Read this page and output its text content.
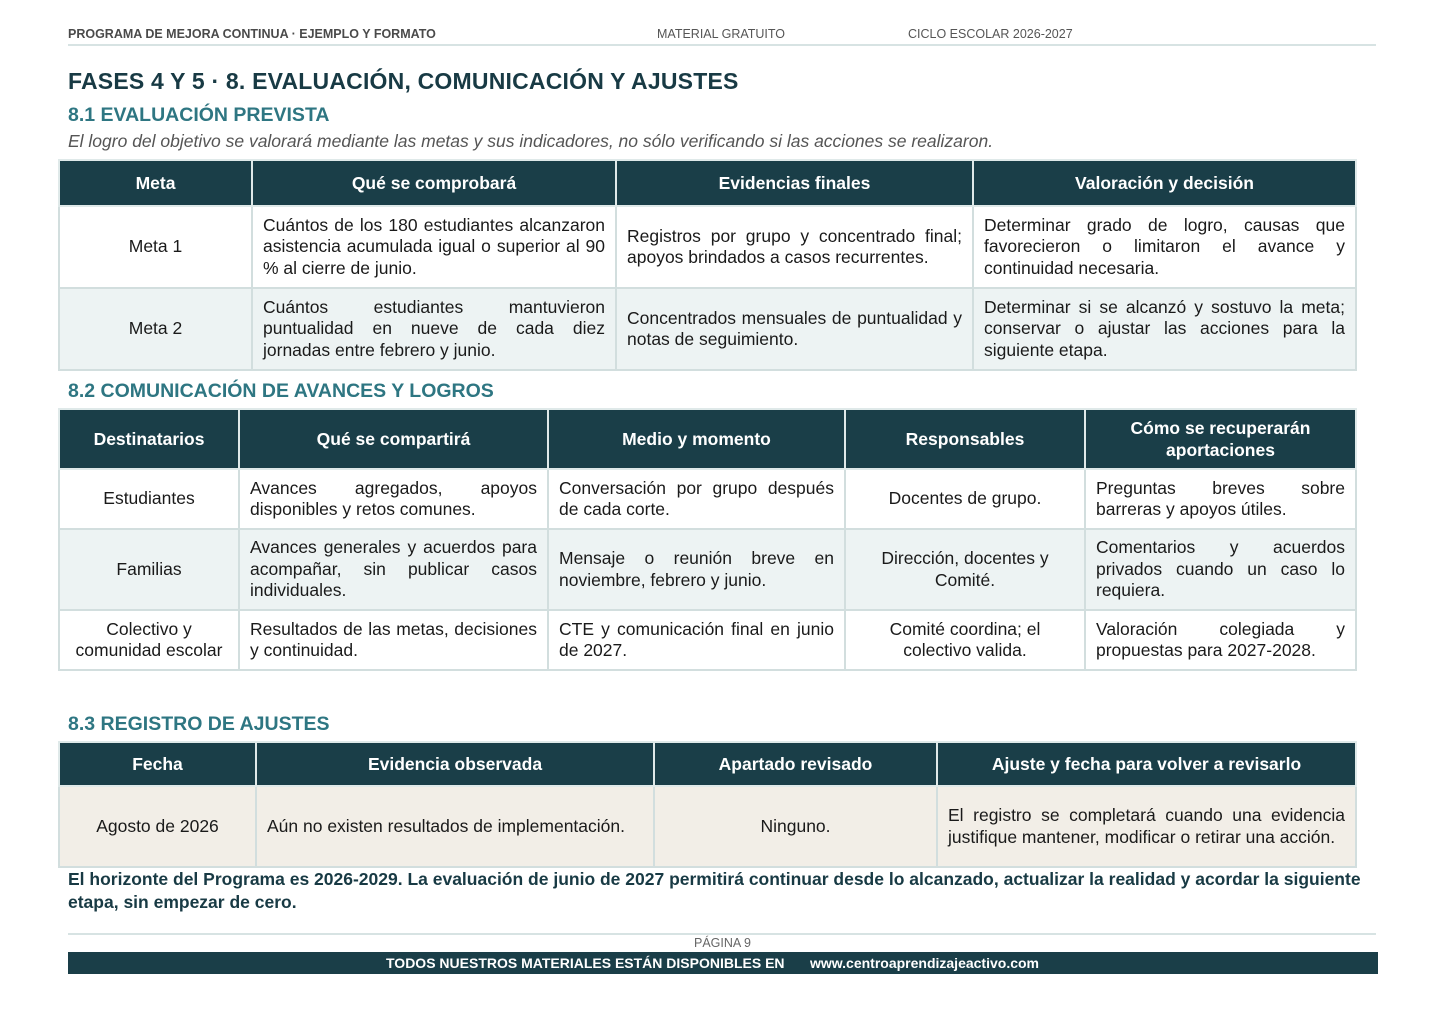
PROGRAMA DE MEJORA CONTINUA · EJEMPLO Y FORMATO	MATERIAL GRATUITO	CICLO ESCOLAR 2026-2027
FASES 4 Y 5 · 8. EVALUACIÓN, COMUNICACIÓN Y AJUSTES
8.1 EVALUACIÓN PREVISTA

El logro del objetivo se valorará mediante las metas y sus indicadores, no sólo verificando si las acciones se realizaron.

Meta	Qué se comprobará	Evidencias finales	Valoración y decisión
Meta 1	Cuántos de los 180 estudiantes alcanzaron asistencia acumulada igual o superior al 90 % al cierre de junio.	Registros por grupo y concentrado final; apoyos brindados a casos recurrentes.	Determinar grado de logro, causas que favorecieron o limitaron el avance y continuidad necesaria.
Meta 2	Cuántos estudiantes mantuvieron puntualidad en nueve de cada diez jornadas entre febrero y junio.	Concentrados mensuales de puntualidad y notas de seguimiento.	Determinar si se alcanzó y sostuvo la meta; conservar o ajustar las acciones para la siguiente etapa.
8.2 COMUNICACIÓN DE AVANCES Y LOGROS
Destinatarios	Qué se compartirá	Medio y momento	Responsables	Cómo se recuperarán aportaciones
Estudiantes	Avances agregados, apoyos disponibles y retos comunes.	Conversación por grupo después de cada corte.	Docentes de grupo.	Preguntas breves sobre barreras y apoyos útiles.
Familias	Avances generales y acuerdos para acompañar, sin publicar casos individuales.	Mensaje o reunión breve en noviembre, febrero y junio.	Dirección, docentes y Comité.	Comentarios y acuerdos privados cuando un caso lo requiera.
Colectivo y comunidad escolar	Resultados de las metas, decisiones y continuidad.	CTE y comunicación final en junio de 2027.	Comité coordina; el colectivo valida.	Valoración colegiada y propuestas para 2027-2028.
8.3 REGISTRO DE AJUSTES
Fecha	Evidencia observada	Apartado revisado	Ajuste y fecha para volver a revisarlo
Agosto de 2026	Aún no existen resultados de implementación.	Ninguno.	El registro se completará cuando una evidencia justifique mantener, modificar o retirar una acción.

El horizonte del Programa es 2026-2029. La evaluación de junio de 2027 permitirá continuar desde lo alcanzado, actualizar la realidad y acordar la siguiente etapa, sin empezar de cero.

PÁGINA 9
TODOS NUESTROS MATERIALES ESTÁN DISPONIBLES EN www.centroaprendizajeactivo.com
